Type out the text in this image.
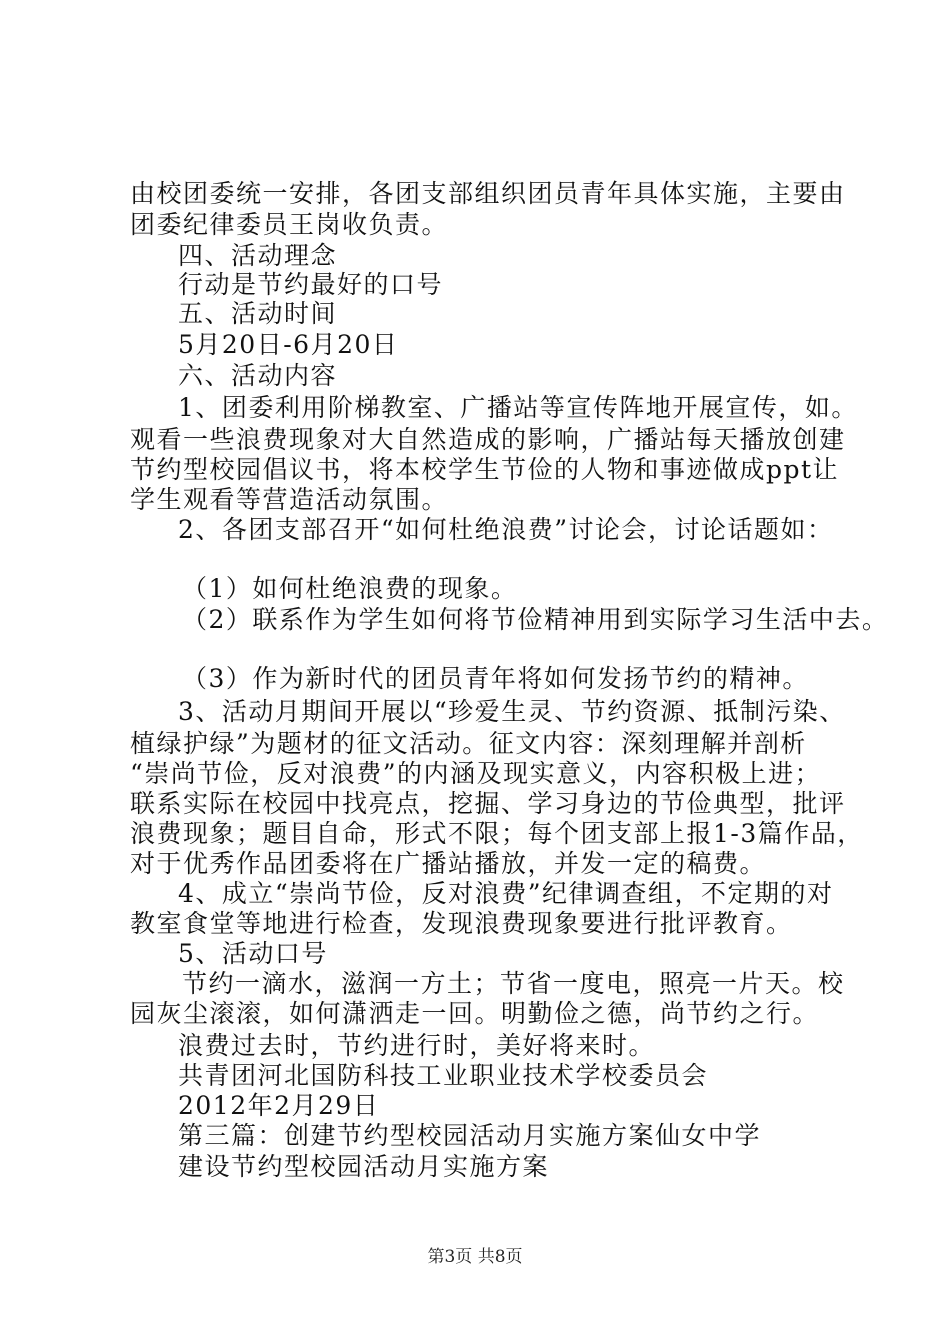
由校团委统一安排，各团支部组织团员青年具体实施，主要由
团委纪律委员王岗收负责。
四、活动理念
行动是节约最好的口号
五、活动时间
5月20日-6月20日
六、活动内容
1、团委利用阶梯教室、广播站等宣传阵地开展宣传，如。
观看一些浪费现象对大自然造成的影响，广播站每天播放创建
节约型校园倡议书，将本校学生节俭的人物和事迹做成ppt让
学生观看等营造活动氛围。
2、各团支部召开“如何杜绝浪费”讨论会，讨论话题如：
（1）如何杜绝浪费的现象。
（2）联系作为学生如何将节俭精神用到实际学习生活中去。
（3）作为新时代的团员青年将如何发扬节约的精神。
3、活动月期间开展以“珍爱生灵、节约资源、抵制污染、
植绿护绿”为题材的征文活动。征文内容：深刻理解并剖析
“崇尚节俭，反对浪费”的内涵及现实意义，内容积极上进；
联系实际在校园中找亮点，挖掘、学习身边的节俭典型，批评
浪费现象；题目自命，形式不限；每个团支部上报1-3篇作品，
对于优秀作品团委将在广播站播放，并发一定的稿费。
4、成立“崇尚节俭，反对浪费”纪律调查组，不定期的对
教室食堂等地进行检查，发现浪费现象要进行批评教育。
5、活动口号
节约一滴水，滋润一方土；节省一度电，照亮一片天。校
园灰尘滚滚，如何潇洒走一回。明勤俭之德，尚节约之行。
浪费过去时，节约进行时，美好将来时。
共青团河北国防科技工业职业技术学校委员会
2012年2月29日
第三篇：创建节约型校园活动月实施方案仙女中学
建设节约型校园活动月实施方案
第3页 共8页
